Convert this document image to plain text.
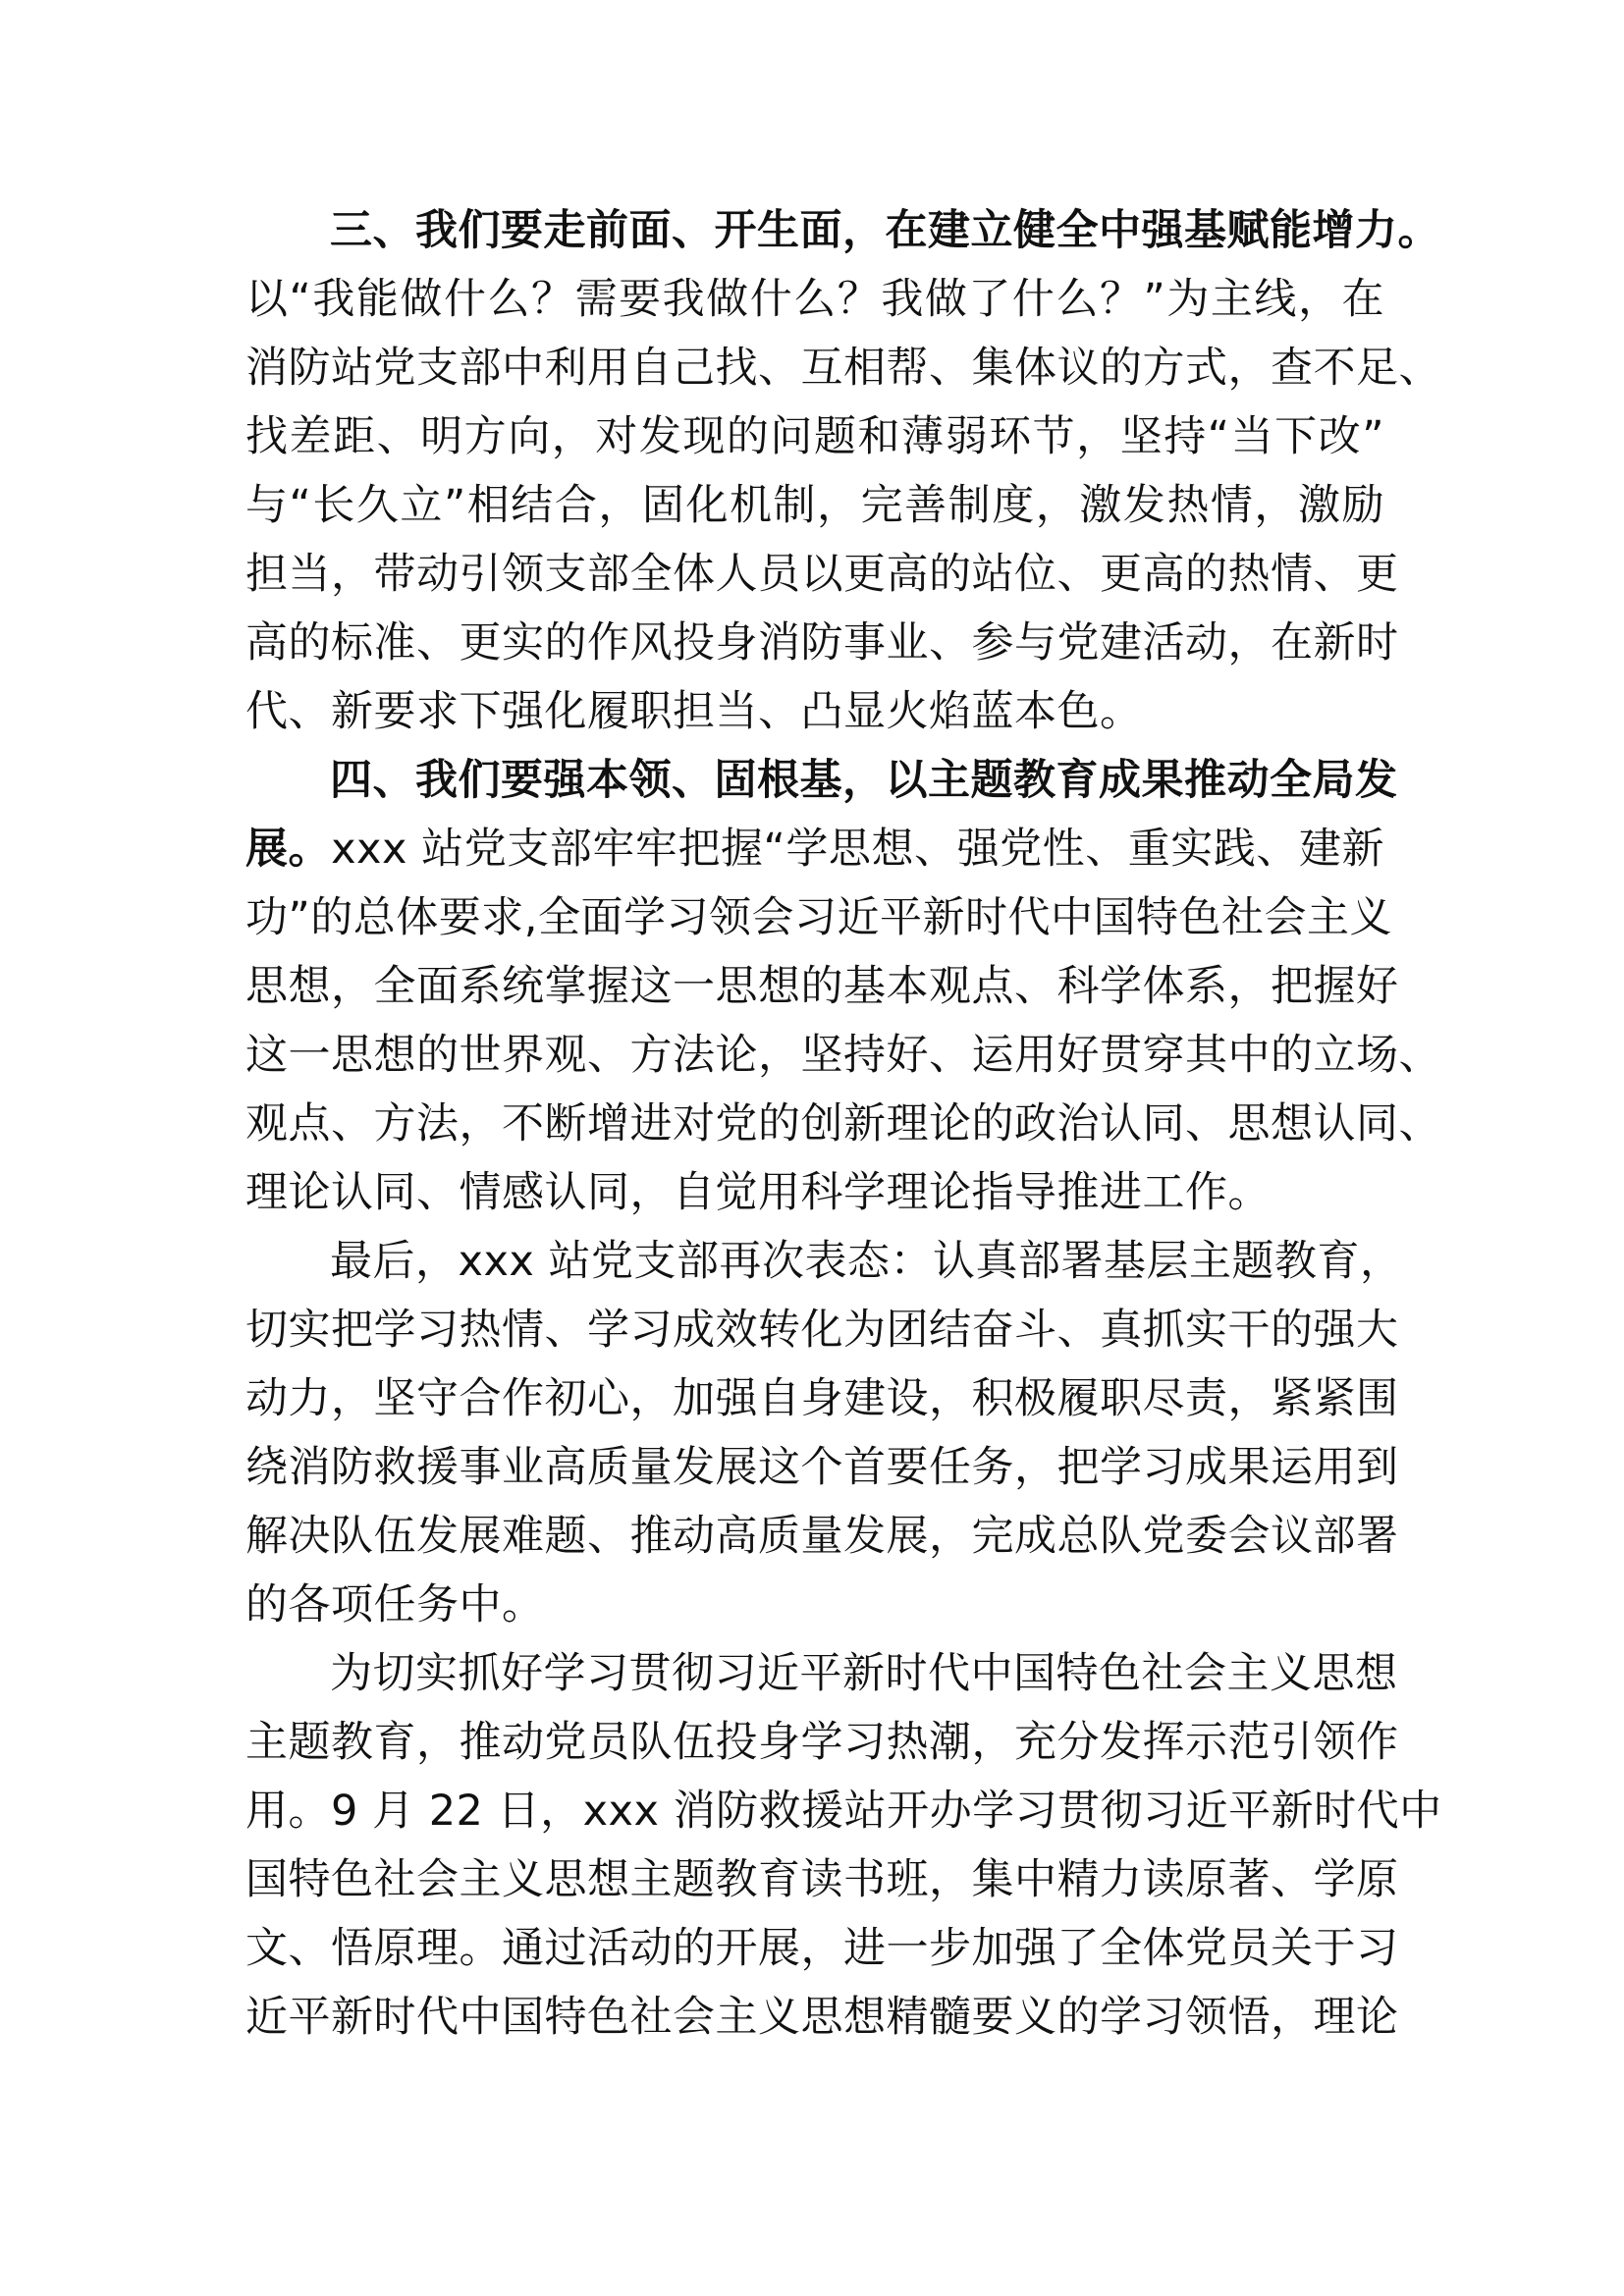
三、我们要走前面、开生面，在建立健全中强基赋能增力。
以“我能做什么？需要我做什么？我做了什么？”为主线，在
消防站党支部中利用自己找、互相帮、集体议的方式，查不足、
找差距、明方向，对发现的问题和薄弱环节，坚持“当下改”
与“长久立”相结合，固化机制，完善制度，激发热情，激励
担当，带动引领支部全体人员以更高的站位、更高的热情、更
高的标准、更实的作风投身消防事业、参与党建活动，在新时
代、新要求下强化履职担当、凸显火焰蓝本色。
四、我们要强本领、固根基，以主题教育成果推动全局发
展。xxx 站党支部牢牢把握“学思想、强党性、重实践、建新
功”的总体要求,全面学习领会习近平新时代中国特色社会主义
思想，全面系统掌握这一思想的基本观点、科学体系，把握好
这一思想的世界观、方法论，坚持好、运用好贯穿其中的立场、
观点、方法，不断增进对党的创新理论的政治认同、思想认同、
理论认同、情感认同，自觉用科学理论指导推进工作。
最后，xxx 站党支部再次表态：认真部署基层主题教育，
切实把学习热情、学习成效转化为团结奋斗、真抓实干的强大
动力，坚守合作初心，加强自身建设，积极履职尽责，紧紧围
绕消防救援事业高质量发展这个首要任务，把学习成果运用到
解决队伍发展难题、推动高质量发展，完成总队党委会议部署
的各项任务中。
为切实抓好学习贯彻习近平新时代中国特色社会主义思想
主题教育，推动党员队伍投身学习热潮，充分发挥示范引领作
用。9 月 22 日，xxx 消防救援站开办学习贯彻习近平新时代中
国特色社会主义思想主题教育读书班，集中精力读原著、学原
文、悟原理。通过活动的开展，进一步加强了全体党员关于习
近平新时代中国特色社会主义思想精髓要义的学习领悟，理论
